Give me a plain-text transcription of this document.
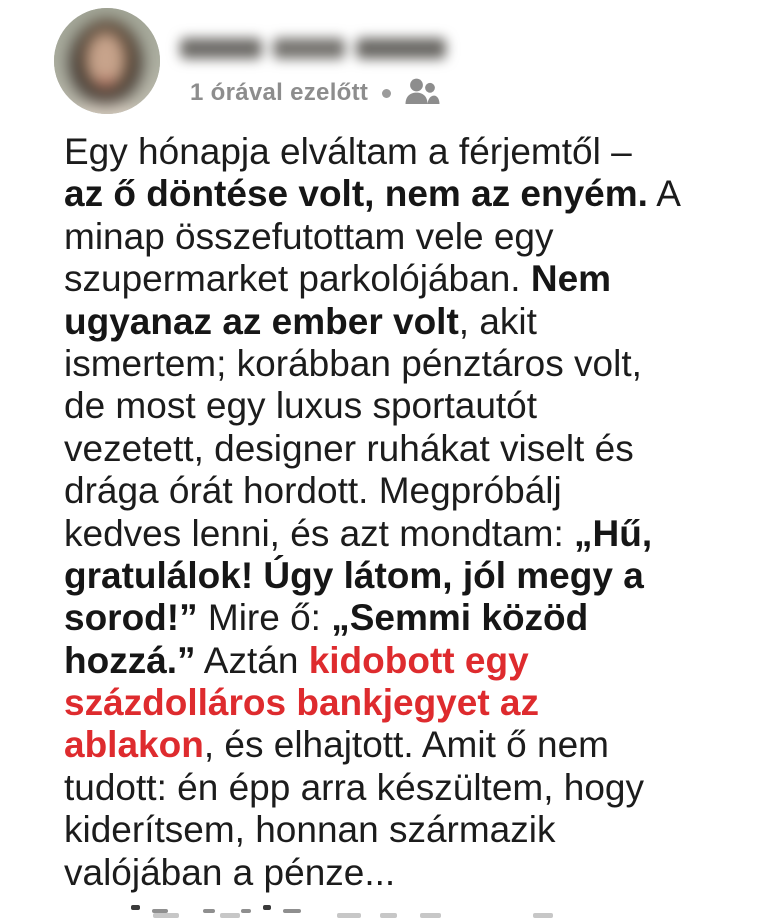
1 órával ezelőtt
Egy hónapja elváltam a férjemtől –
az ő döntése volt, nem az enyém. A
minap összefutottam vele egy
szupermarket parkolójában. Nem
ugyanaz az ember volt, akit
ismertem; korábban pénztáros volt,
de most egy luxus sportautót
vezetett, designer ruhákat viselt és
drága órát hordott. Megpróbálj
kedves lenni, és azt mondtam: „Hű,
gratulálok! Úgy látom, jól megy a
sorod!” Mire ő: „Semmi közöd
hozzá.” Aztán kidobott egy
százdolláros bankjegyet az
ablakon, és elhajtott. Amit ő nem
tudott: én épp arra készültem, hogy
kiderítsem, honnan származik
valójában a pénze...
